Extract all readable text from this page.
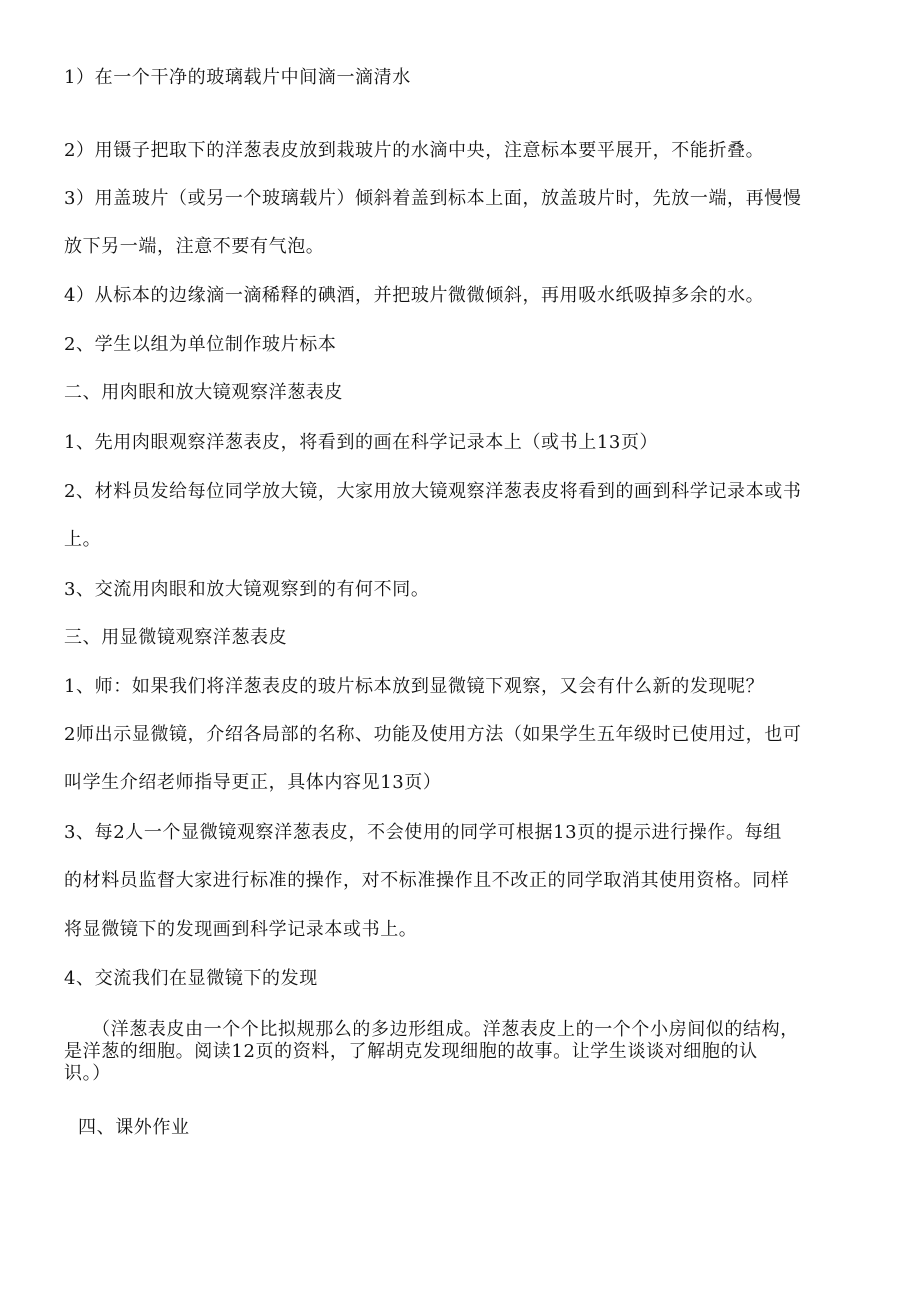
1）在一个干净的玻璃载片中间滴一滴清水
2）用镊子把取下的洋葱表皮放到栽玻片的水滴中央，注意标本要平展开，不能折叠。
3）用盖玻片（或另一个玻璃载片）倾斜着盖到标本上面，放盖玻片时，先放一端，再慢慢
放下另一端，注意不要有气泡。
4）从标本的边缘滴一滴稀释的碘酒，并把玻片微微倾斜，再用吸水纸吸掉多余的水。
2、学生以组为单位制作玻片标本
二、用肉眼和放大镜观察洋葱表皮
1、先用肉眼观察洋葱表皮，将看到的画在科学记录本上（或书上13页）
2、材料员发给每位同学放大镜，大家用放大镜观察洋葱表皮将看到的画到科学记录本或书
上。
3、交流用肉眼和放大镜观察到的有何不同。
三、用显微镜观察洋葱表皮
1、师：如果我们将洋葱表皮的玻片标本放到显微镜下观察，又会有什么新的发现呢？
2师出示显微镜，介绍各局部的名称、功能及使用方法（如果学生五年级时已使用过，也可
叫学生介绍老师指导更正，具体内容见13页）
3、每2人一个显微镜观察洋葱表皮，不会使用的同学可根据13页的提示进行操作。每组
的材料员监督大家进行标准的操作，对不标准操作且不改正的同学取消其使用资格。同样
将显微镜下的发现画到科学记录本或书上。
4、交流我们在显微镜下的发现

（洋葱表皮由一个个比拟规那么的多边形组成。洋葱表皮上的一个个小房间似的结构，

是洋葱的细胞。阅读12页的资料，了解胡克发现细胞的故事。让学生谈谈对细胞的认

识。）

四、课外作业
